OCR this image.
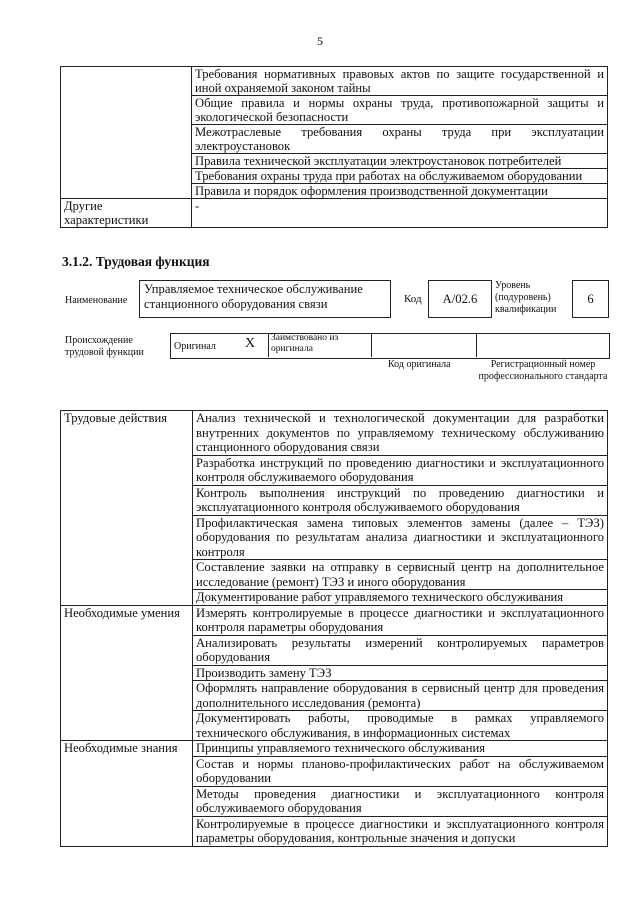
5
	Требования нормативных правовых актов по защите государственной и иной охраняемой законом тайны
	Общие правила и нормы охраны труда, противопожарной защиты и экологической безопасности
	Межотраслевые требования охраны труда при эксплуатации электроустановок
	Правила технической эксплуатации электроустановок потребителей
	Требования охраны труда при работах на обслуживаемом оборудовании
	Правила и порядок оформления производственной документации
Другие характеристики	-
3.1.2. Трудовая функция
Наименование
Управляемое техническое обслуживание станционного оборудования связи	Код A/02.6
Уровень (подуровень) квалификации
6
Происхождение трудовой функции
Оригинал X Заимствовано из оригинала
Код оригинала	Регистрационный номер профессионального стандарта
Трудовые действия	Анализ технической и технологической документации для разработки внутренних документов по управляемому техническому обслуживанию станционного оборудования связи
	Разработка инструкций по проведению диагностики и эксплуатационного контроля обслуживаемого оборудования
	Контроль выполнения инструкций по проведению диагностики и эксплуатационного контроля обслуживаемого оборудования
	Профилактическая замена типовых элементов замены (далее – ТЭЗ) оборудования по результатам анализа диагностики и эксплуатационного контроля
	Составление заявки на отправку в сервисный центр на дополнительное исследование (ремонт) ТЭЗ и иного оборудования
	Документирование работ управляемого технического обслуживания
Необходимые умения	Измерять контролируемые в процессе диагностики и эксплуатационного контроля параметры оборудования
	Анализировать результаты измерений контролируемых параметров оборудования
	Производить замену ТЭЗ
	Оформлять направление оборудования в сервисный центр для проведения дополнительного исследования (ремонта)
	Документировать работы, проводимые в рамках управляемого технического обслуживания, в информационных системах
Необходимые знания	Принципы управляемого технического обслуживания
	Состав и нормы планово-профилактических работ на обслуживаемом оборудовании
	Методы проведения диагностики и эксплуатационного контроля обслуживаемого оборудования
	Контролируемые в процессе диагностики и эксплуатационного контроля параметры оборудования, контрольные значения и допуски
